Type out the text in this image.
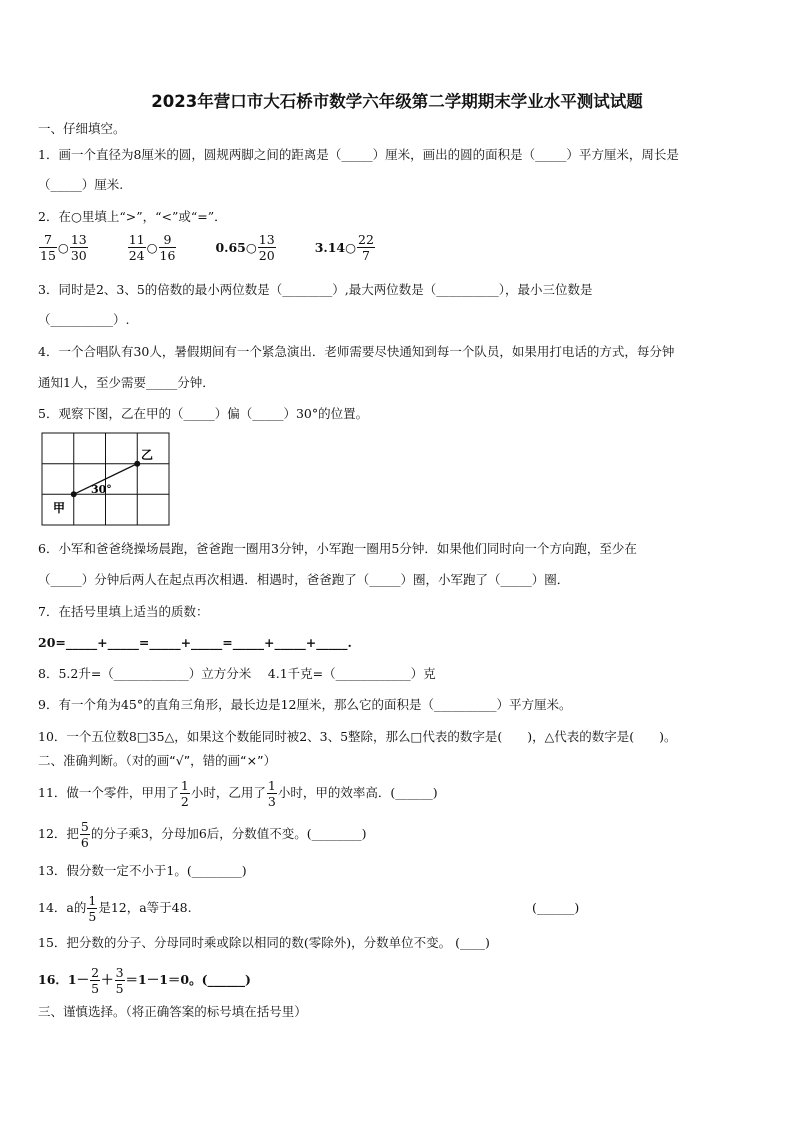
2023年营口市大石桥市数学六年级第二学期期末学业水平测试试题
一、仔细填空。
1．画一个直径为8厘米的圆，圆规两脚之间的距离是（_____）厘米，画出的圆的面积是（_____）平方厘米，周长是
（_____）厘米.
2．在○里填上“>”，“<”或“=”．
$\frac{7}{15}$ ○ $\frac{13}{30}$
	$\frac{11}{24}$ ○ $\frac{9}{16}$	0.65○ $\frac{13}{20}$	3.14○ $\frac{22}{7}$
3．同时是2、3、5的倍数的最小两位数是（________）,最大两位数是（__________），最小三位数是
（__________）.
4．一个合唱队有30人，暑假期间有一个紧急演出．老师需要尽快通知到每一个队员，如果用打电话的方式，每分钟
通知1人，至少需要_____分钟．
5．观察下图，乙在甲的（_____）偏（_____）30°的位置。
甲
乙
30°
6．小军和爸爸绕操场晨跑，爸爸跑一圈用3分钟，小军跑一圈用5分钟．如果他们同时向一个方向跑，至少在
（_____）分钟后两人在起点再次相遇．相遇时，爸爸跑了（_____）圈，小军跑了（_____）圈．
7．在括号里填上适当的质数：
20=_____+_____=_____+_____=_____+_____+_____.
8．5.2升=（____________）立方分米　 4.1千克=（____________）克
9．有一个角为45°的直角三角形，最长边是12厘米，那么它的面积是（__________）平方厘米。
10．一个五位数8□35△，如果这个数能同时被2、3、5整除，那么□代表的数字是(　　)，△代表的数字是(　　)。
二、准确判断。（对的画“√”，错的画“×”）
11．做一个零件，甲用了 $\frac{1}{2}$ 小时，乙用了 $\frac{1}{3}$ 小时，甲的效率高．(______)
12．把 $\frac{5}{6}$ 的分子乘3，分母加6后，分数值不变。(________)
13．假分数一定不小于1。(________)
14．a的 $\frac{1}{5}$ 是12，a等于48.	(______)
15．把分数的分子、分母同时乘或除以相同的数(零除外)，分数单位不变。 (____)
16．$1- \frac{2}{5} + \frac{3}{5} =1-1=0$。(______)
三、谨慎选择。（将正确答案的标号填在括号里）
